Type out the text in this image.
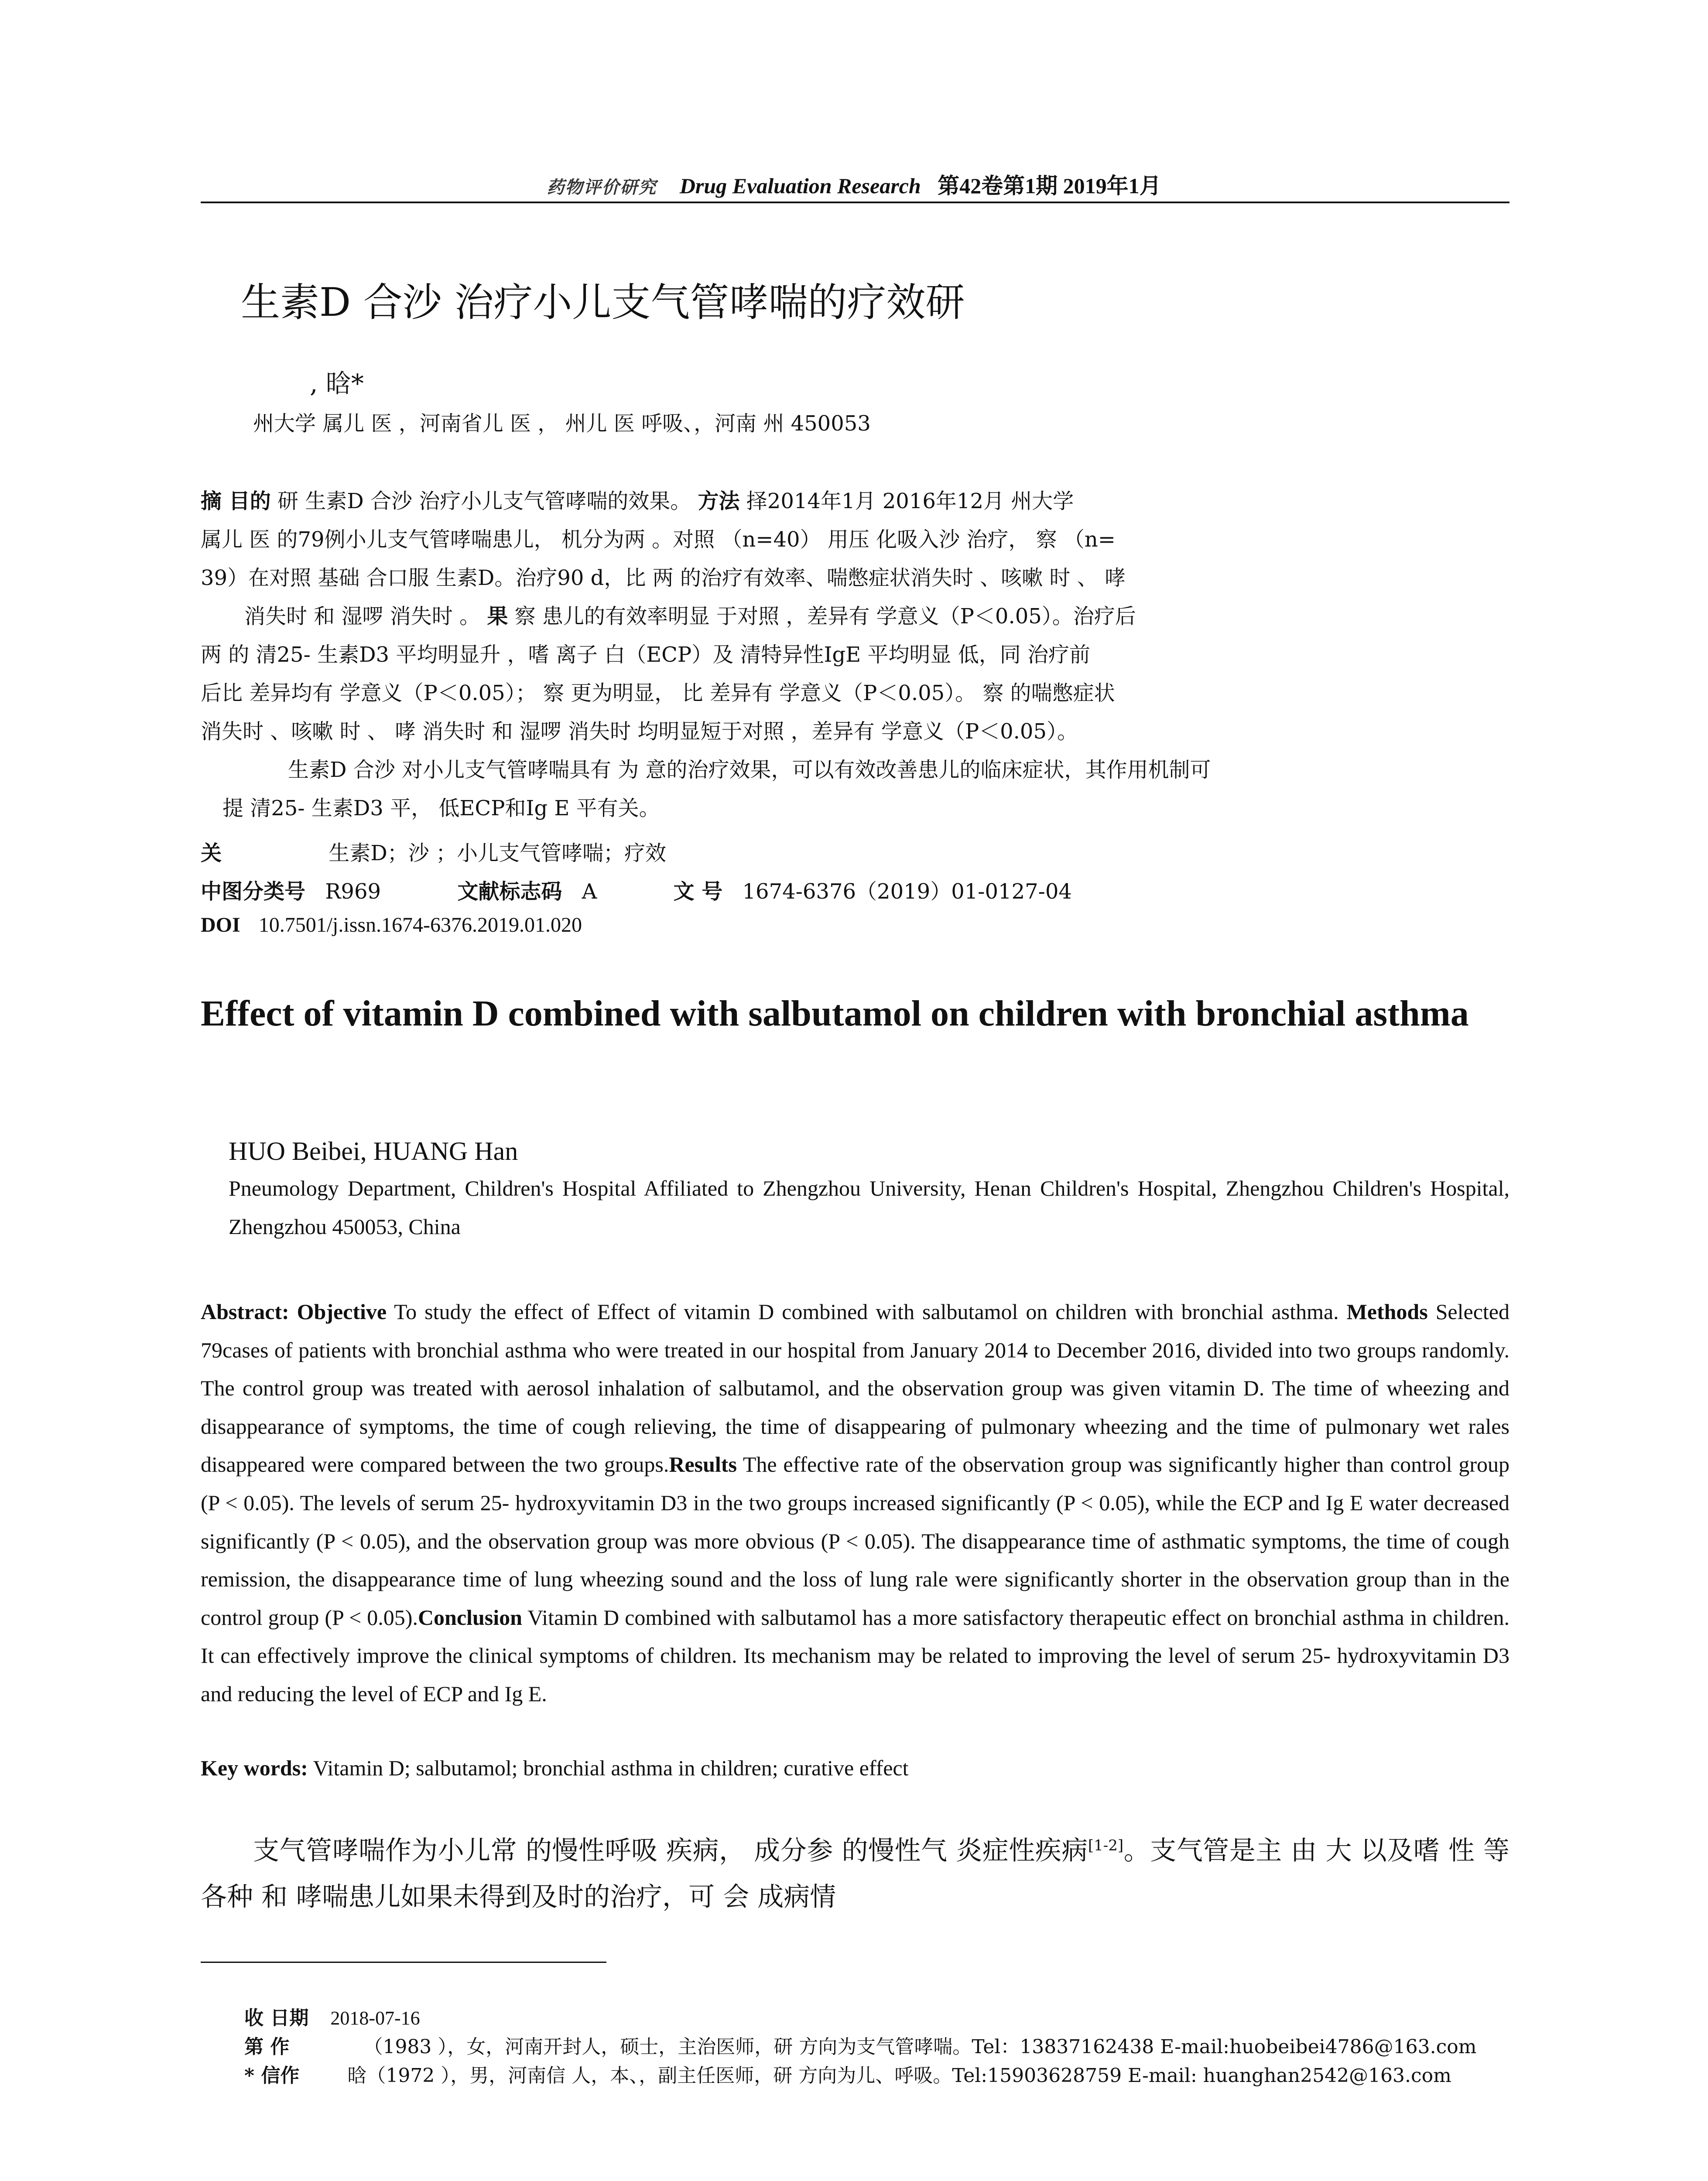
药物评价研究 Drug Evaluation Research 第42卷第1期 2019年1月
生素D 合沙 治疗小儿支气管哮喘的疗效研
, 晗*
州大学 属儿 医 ，河南省儿 医 ， 州儿 医 呼吸、，河南 州 450053
摘 目的 研 生素D 合沙 治疗小儿支气管哮喘的效果。 方法 择2014年1月 2016年12月 州大学
属儿 医 的79例小儿支气管哮喘患儿， 机分为两 。对照 （n=40） 用压 化吸入沙 治疗， 察 （n=
39）在对照 基础 合口服 生素D。治疗90 d，比 两 的治疗有效率、喘憋症状消失时 、咳嗽 时 、 哮
消失时 和 湿啰 消失时 。 果 察 患儿的有效率明显 于对照 ，差异有 学意义（P＜0.05）。治疗后
两 的 清25- 生素D3 平均明显升 ，嗜 离子 白（ECP）及 清特异性IgE 平均明显 低，同 治疗前
后比 差异均有 学意义（P＜0.05）； 察 更为明显， 比 差异有 学意义（P＜0.05）。 察 的喘憋症状
消失时 、咳嗽 时 、 哮 消失时 和 湿啰 消失时 均明显短于对照 ，差异有 学意义（P＜0.05）。
生素D 合沙 对小儿支气管哮喘具有 为 意的治疗效果，可以有效改善患儿的临床症状，其作用机制可
提 清25- 生素D3 平， 低ECP和Ig E 平有关。
关	生素D；沙 ；小儿支气管哮喘；疗效
中图分类号 R969	文献标志码 A	文 号 1674-6376（2019）01-0127-04
DOI 10.7501/j.issn.1674-6376.2019.01.020
Effect of vitamin D combined with salbutamol on children with bronchial asthma
HUO Beibei, HUANG Han
Pneumology Department, Children's Hospital Affiliated to Zhengzhou University, Henan Children's Hospital, Zhengzhou Children's Hospital, Zhengzhou 450053, China
Abstract: Objective To study the effect of Effect of vitamin D combined with salbutamol on children with bronchial asthma. Methods Selected 79cases of patients with bronchial asthma who were treated in our hospital from January 2014 to December 2016, divided into two groups randomly. The control group was treated with aerosol inhalation of salbutamol, and the observation group was given vitamin D. The time of wheezing and disappearance of symptoms, the time of cough relieving, the time of disappearing of pulmonary wheezing and the time of pulmonary wet rales disappeared were compared between the two groups.Results The effective rate of the observation group was significantly higher than control group (P < 0.05). The levels of serum 25- hydroxyvitamin D3 in the two groups increased significantly (P < 0.05), while the ECP and Ig E water decreased significantly (P < 0.05), and the observation group was more obvious (P < 0.05). The disappearance time of asthmatic symptoms, the time of cough remission, the disappearance time of lung wheezing sound and the loss of lung rale were significantly shorter in the observation group than in the control group (P < 0.05).Conclusion Vitamin D combined with salbutamol has a more satisfactory therapeutic effect on bronchial asthma in children. It can effectively improve the clinical symptoms of children. Its mechanism may be related to improving the level of serum 25- hydroxyvitamin D3 and reducing the level of ECP and Ig E.
Key words: Vitamin D; salbutamol; bronchial asthma in children; curative effect
支气管哮喘作为小儿常 的慢性呼吸 疾病， 成分参 的慢性气 炎症性疾病[1-2]。支气管是主 由 大 以及嗜 性 等各种 和 哮喘患儿如果未得到及时的治疗，可 会 成病情
收 日期 2018-07-16
第 作	（1983 ），女，河南开封人，硕士，主治医师，研 方向为支气管哮喘。Tel：13837162438 E-mail:huobeibei4786@163.com
* 信作	晗（1972 ），男，河南信 人，本、，副主任医师，研 方向为儿、呼吸。Tel:15903628759 E-mail: huanghan2542@163.com
